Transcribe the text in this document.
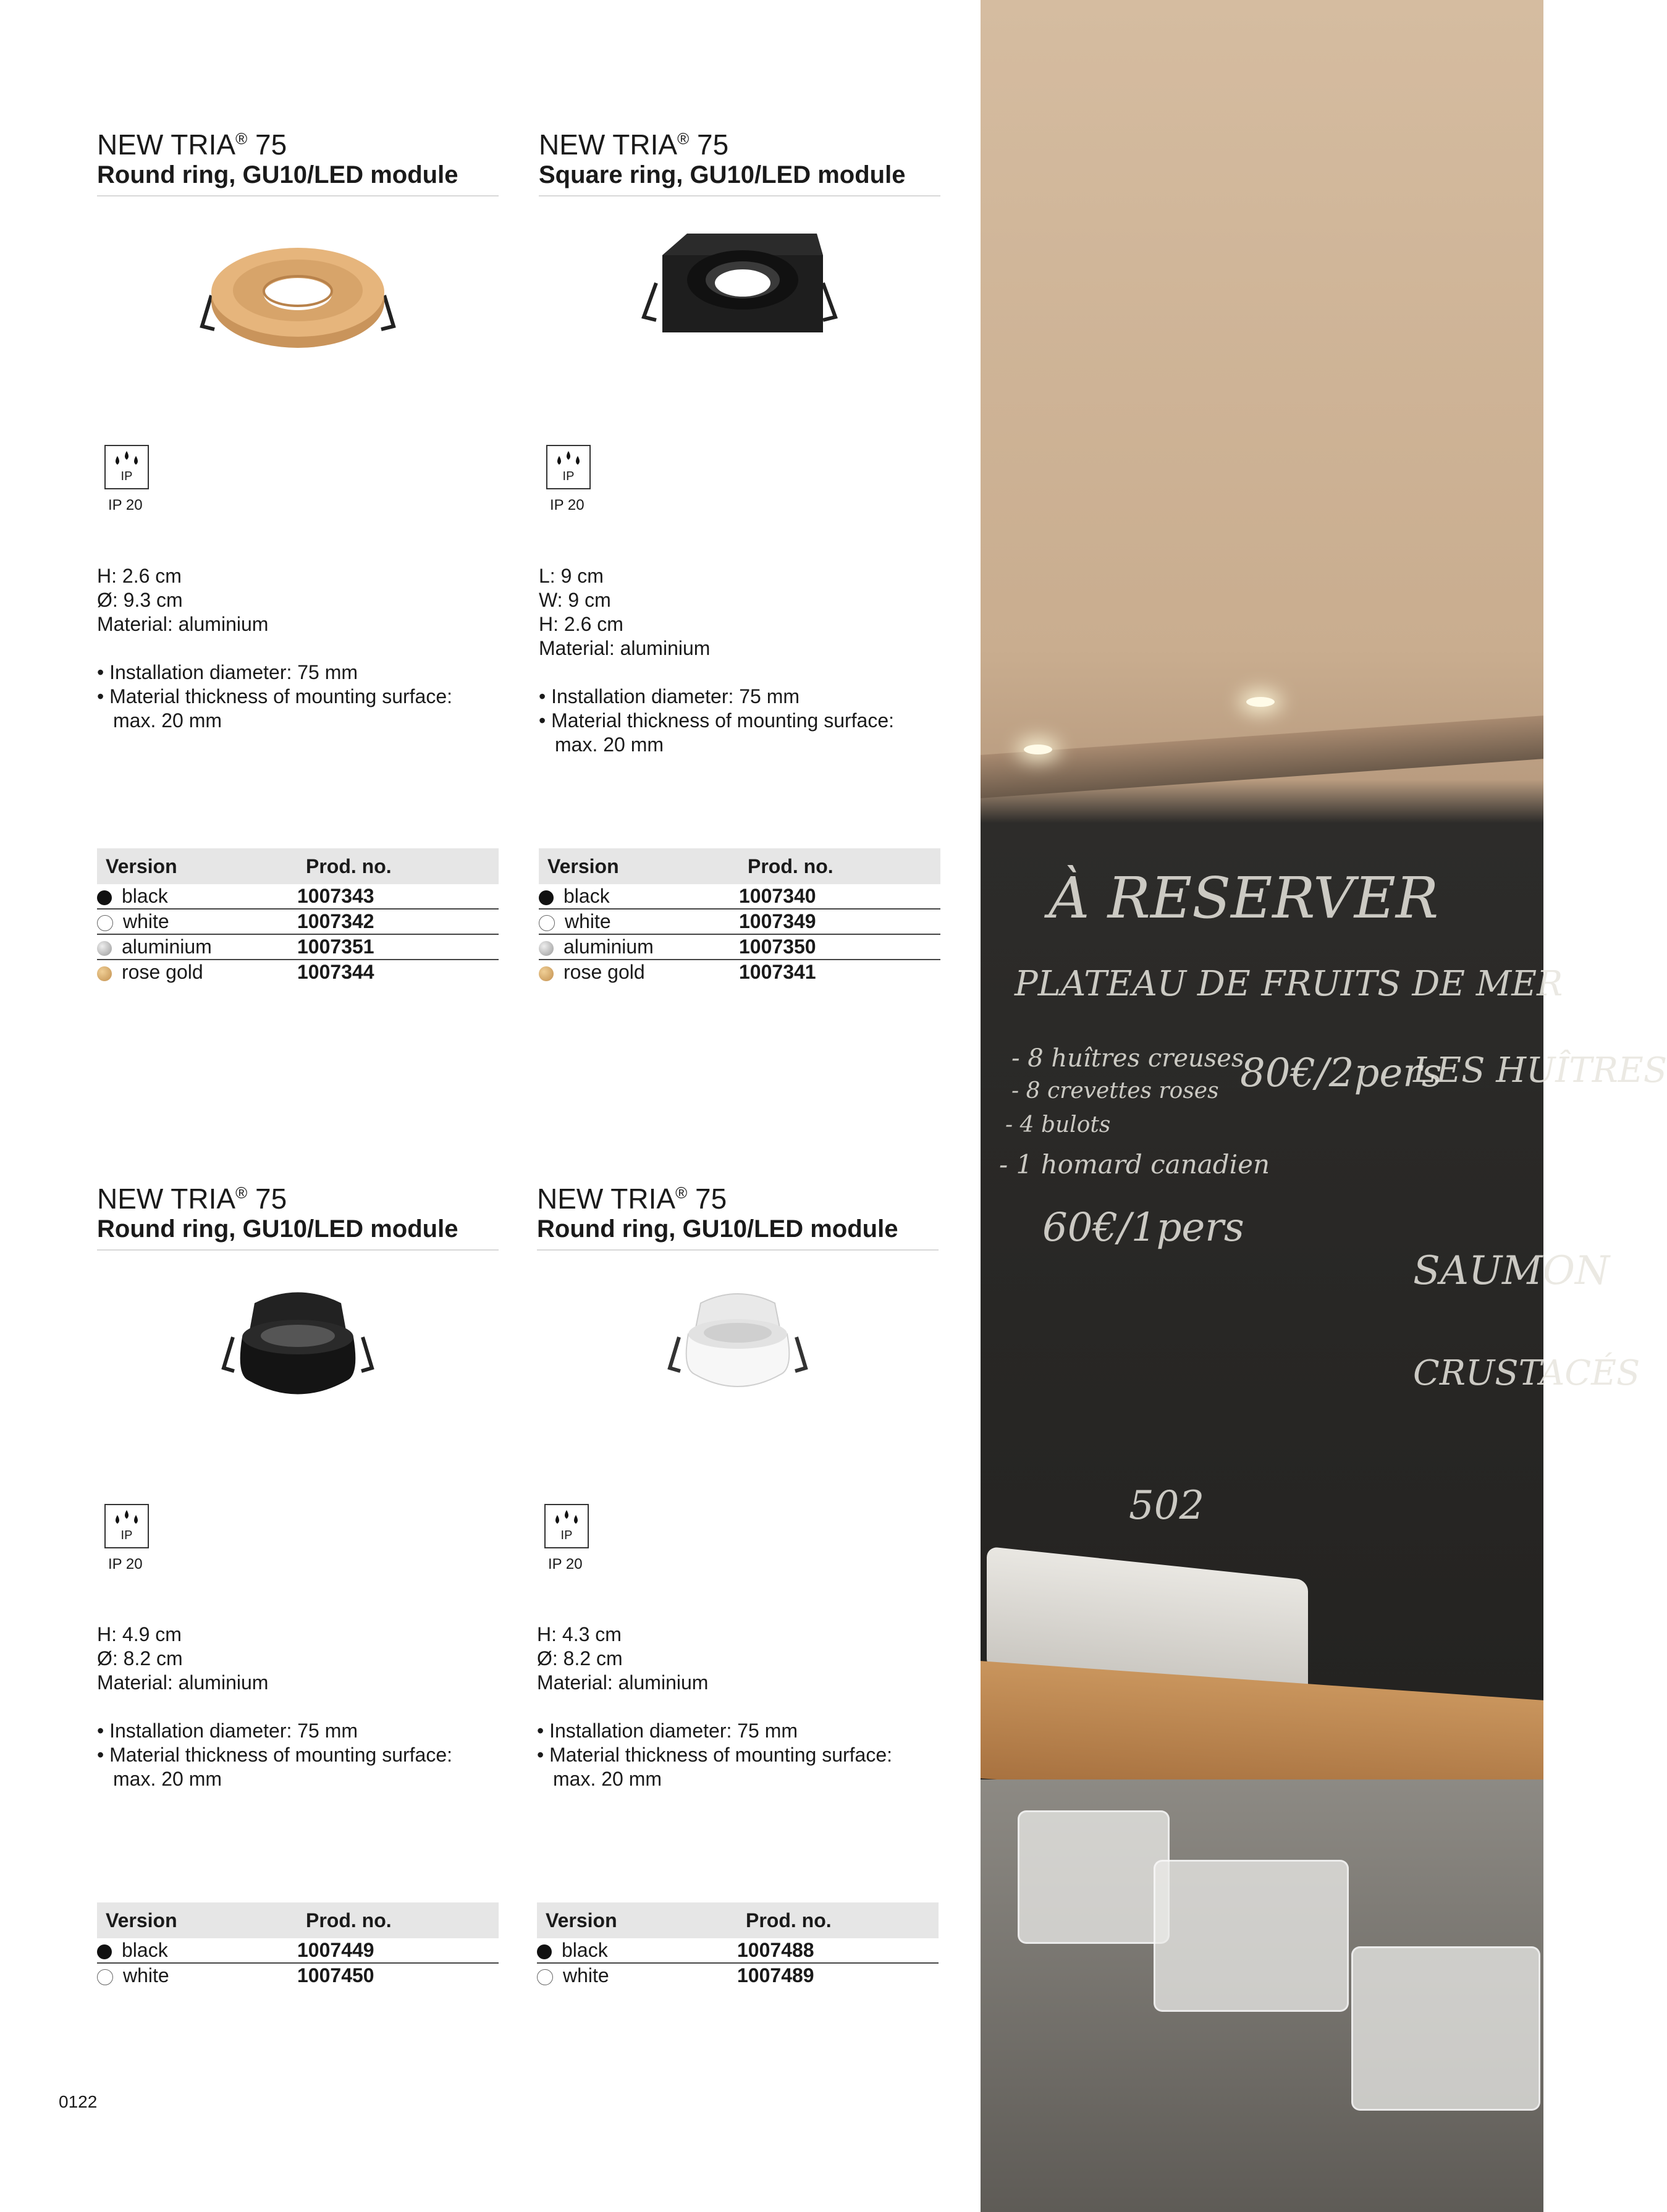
NEW TRIA® 75
Round ring, GU10/LED module
IP
IP 20

H: 2.6 cm

Ø: 9.3 cm

Material: aluminium

• Installation diameter: 75 mm
• Material thickness of mounting surface: max. 20 mm
Version	Prod. no.
black	1007343
white	1007342
aluminium	1007351
rose gold	1007344
NEW TRIA® 75
Square ring, GU10/LED module
IP
IP 20

L: 9 cm

W: 9 cm

H: 2.6 cm

Material: aluminium

• Installation diameter: 75 mm
• Material thickness of mounting surface: max. 20 mm
Version	Prod. no.
black	1007340
white	1007349
aluminium	1007350
rose gold	1007341
NEW TRIA® 75
Round ring, GU10/LED module
IP
IP 20

H: 4.9 cm

Ø: 8.2 cm

Material: aluminium

• Installation diameter: 75 mm
• Material thickness of mounting surface: max. 20 mm
Version	Prod. no.
black	1007449
white	1007450
NEW TRIA® 75
Round ring, GU10/LED module
IP
IP 20

H: 4.3 cm

Ø: 8.2 cm

Material: aluminium

• Installation diameter: 75 mm
• Material thickness of mounting surface: max. 20 mm
Version	Prod. no.
black	1007488
white	1007489
À RESERVER
PLATEAU DE FRUITS DE MER
- 8 huîtres creuses
- 8 crevettes roses
- 4 bulots
- 1 homard canadien
80€/2pers
60€/1pers
LES HUÎTRES
SAUMON
CRUSTACÉS
502
0122
